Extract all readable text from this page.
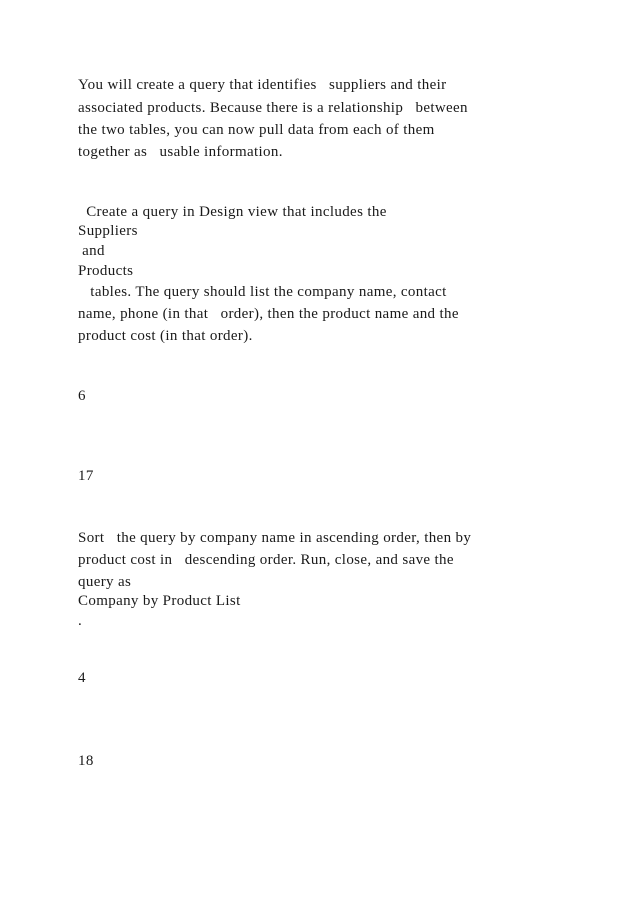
You will create a query that identifies   suppliers and their

associated products. Because there is a relationship   between

the two tables, you can now pull data from each of them

together as   usable information.

Create a query in Design view that includes the

Suppliers

and

Products

tables. The query should list the company name, contact

name, phone (in that   order), then the product name and the

product cost (in that order).

6

17

Sort   the query by company name in ascending order, then by

product cost in   descending order. Run, close, and save the

query as

Company by Product List

.

4

18
